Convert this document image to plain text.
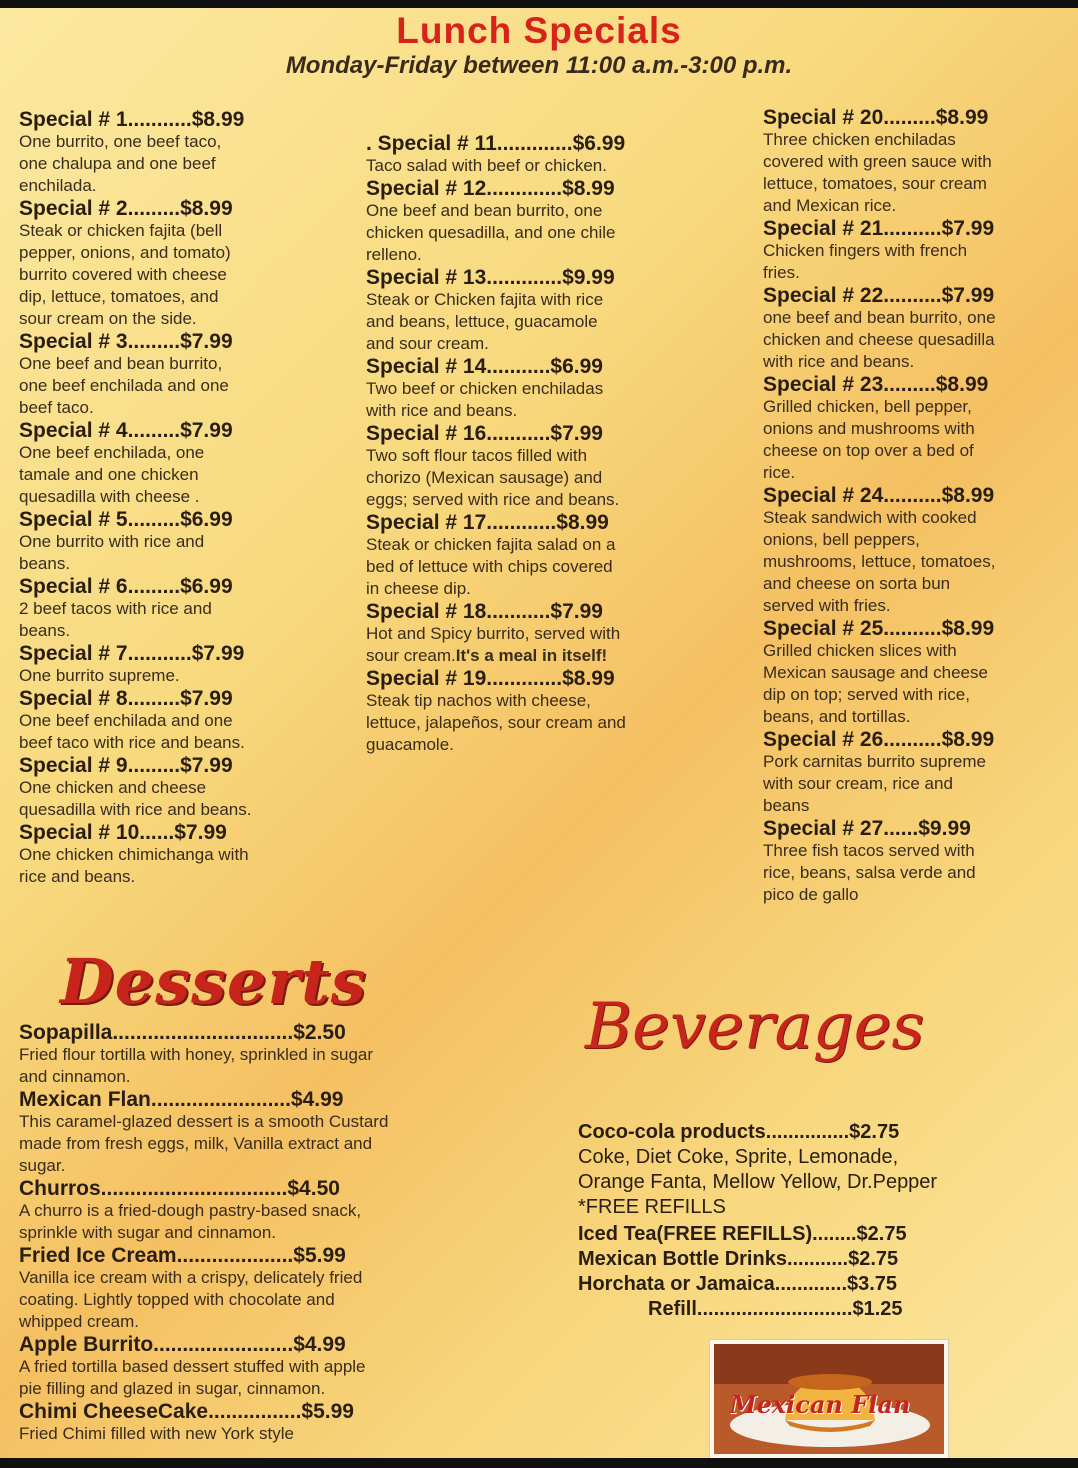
Lunch Specials
Monday-Friday between 11:00 a.m.-3:00 p.m.
Special # 1...........$8.99
One burrito, one beef taco,
one chalupa and one beef
enchilada.
Special # 2.........$8.99
Steak or chicken fajita (bell
pepper, onions, and tomato)
burrito covered with cheese
dip, lettuce, tomatoes, and
sour cream on the side.
Special # 3.........$7.99
One beef and bean burrito,
one beef enchilada and one
beef taco.
Special # 4.........$7.99
One beef enchilada, one
tamale and one chicken
quesadilla with cheese .
Special # 5.........$6.99
One burrito with rice and
beans.
Special # 6.........$6.99
2 beef tacos with rice and
beans.
Special # 7...........$7.99
One burrito supreme.
Special # 8.........$7.99
One beef enchilada and one
beef taco with rice and beans.
Special # 9.........$7.99
One chicken and cheese
quesadilla with rice and beans.
Special # 10......$7.99
One chicken chimichanga with
rice and beans.
. Special # 11.............$6.99
Taco salad with beef or chicken.
Special # 12.............$8.99
One beef and bean burrito, one
chicken quesadilla, and one chile
relleno.
Special # 13.............$9.99
Steak or Chicken fajita with rice
and beans, lettuce, guacamole
and sour cream.
Special # 14...........$6.99
Two beef or chicken enchiladas
with rice and beans.
Special # 16...........$7.99
Two soft flour tacos filled with
chorizo (Mexican sausage) and
eggs; served with rice and beans.
Special # 17............$8.99
Steak or chicken fajita salad on a
bed of lettuce with chips covered
in cheese dip.
Special # 18...........$7.99
Hot and Spicy burrito, served with
sour cream.It's a meal in itself!
Special # 19.............$8.99
Steak tip nachos with cheese,
lettuce, jalapeños, sour cream and
guacamole.
Special # 20.........$8.99
Three chicken enchiladas
covered with green sauce with
lettuce, tomatoes, sour cream
and Mexican rice.
Special # 21..........$7.99
Chicken fingers with french
fries.
Special # 22..........$7.99
one beef and bean burrito, one
chicken and cheese quesadilla
with rice and beans.
Special # 23.........$8.99
Grilled chicken, bell pepper,
onions and mushrooms with
cheese on top over a bed of
rice.
Special # 24..........$8.99
Steak sandwich with cooked
onions, bell peppers,
mushrooms, lettuce, tomatoes,
and cheese on sorta bun
served with fries.
Special # 25..........$8.99
Grilled chicken slices with
Mexican sausage and cheese
dip on top; served with rice,
beans, and tortillas.
Special # 26..........$8.99
Pork carnitas burrito supreme
with sour cream, rice and
beans
Special # 27......$9.99
Three fish tacos served with
rice, beans, salsa verde and
pico de gallo
Desserts
Sopapilla...............................$2.50
Fried flour tortilla with honey, sprinkled in sugar
and cinnamon.
Mexican Flan........................$4.99
This caramel-glazed dessert is a smooth Custard
made from fresh eggs, milk, Vanilla extract and
sugar.
Churros................................$4.50
A churro is a fried-dough pastry-based snack,
sprinkle with sugar and cinnamon.
Fried Ice Cream....................$5.99
Vanilla ice cream with a crispy, delicately fried
coating. Lightly topped with chocolate and
whipped cream.
Apple Burrito........................$4.99
A fried tortilla based dessert stuffed with apple
pie filling and glazed in sugar, cinnamon.
Chimi CheeseCake................$5.99
Fried Chimi filled with new York style
Beverages
Coco-cola products...............$2.75
Coke, Diet Coke, Sprite, Lemonade,
Orange Fanta, Mellow Yellow, Dr.Pepper
*FREE REFILLS
Iced Tea(FREE REFILLS)........$2.75
Mexican Bottle Drinks...........$2.75
Horchata or Jamaica.............$3.75
Refill............................$1.25
Mexican Flan
